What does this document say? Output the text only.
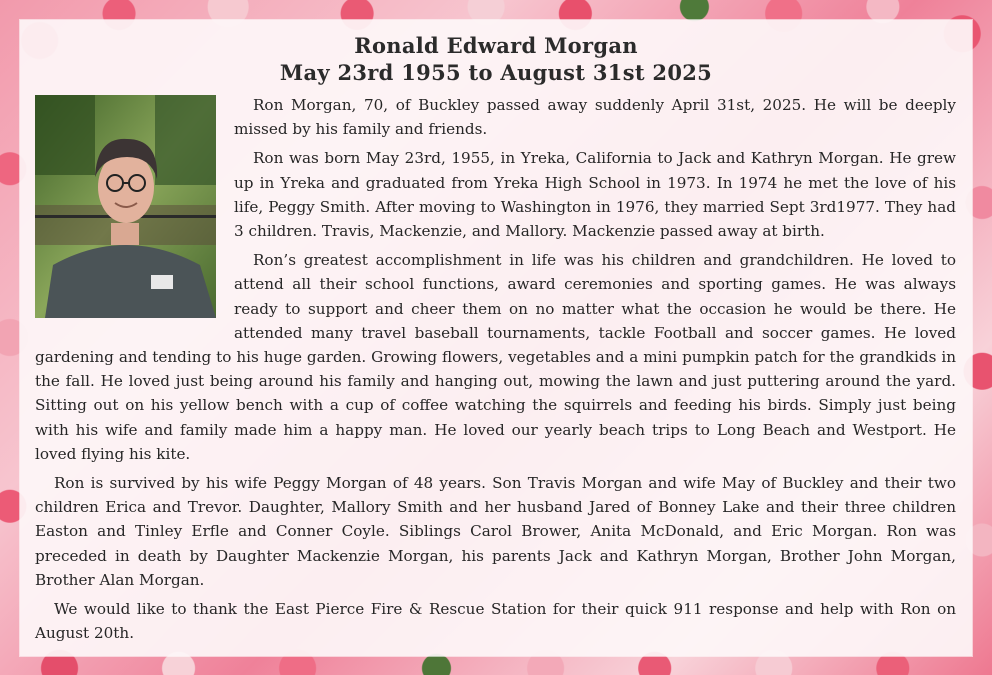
Ronald Edward Morgan
May 23rd 1955 to August 31st 2025

Ron Morgan, 70, of Buckley passed away suddenly April 31st, 2025. He will be deeply missed by his family and friends.

Ron was born May 23rd, 1955, in Yreka, California to Jack and Kathryn Morgan. He grew up in Yreka and graduated from Yreka High School in 1973. In 1974 he met the love of his life, Peggy Smith. After moving to Washington in 1976, they married Sept 3rd1977. They had 3 children. Travis, Mackenzie, and Mallory. Mackenzie passed away at birth.

Ron’s greatest accomplishment in life was his children and grandchildren. He loved to attend all their school functions, award ceremonies and sporting games. He was always ready to support and cheer them on no matter what the occasion he would be there. He attended many travel baseball tournaments, tackle Football and soccer games. He loved gardening and tending to his huge garden. Growing flowers, vegetables and a mini pumpkin patch for the grandkids in the fall. He loved just being around his family and hanging out, mowing the lawn and just puttering around the yard. Sitting out on his yellow bench with a cup of coffee watching the squirrels and feeding his birds. Simply just being with his wife and family made him a happy man. He loved our yearly beach trips to Long Beach and Westport. He loved flying his kite.

Ron is survived by his wife Peggy Morgan of 48 years. Son Travis Morgan and wife May of Buckley and their two children Erica and Trevor. Daughter, Mallory Smith and her husband Jared of Bonney Lake and their three children Easton and Tinley Erfle and Conner Coyle. Siblings Carol Brower, Anita McDonald, and Eric Morgan. Ron was preceded in death by Daughter Mackenzie Morgan, his parents Jack and Kathryn Morgan, Brother John Morgan, Brother Alan Morgan.

We would like to thank the East Pierce Fire & Rescue Station for their quick 911 response and help with Ron on August 20th.
